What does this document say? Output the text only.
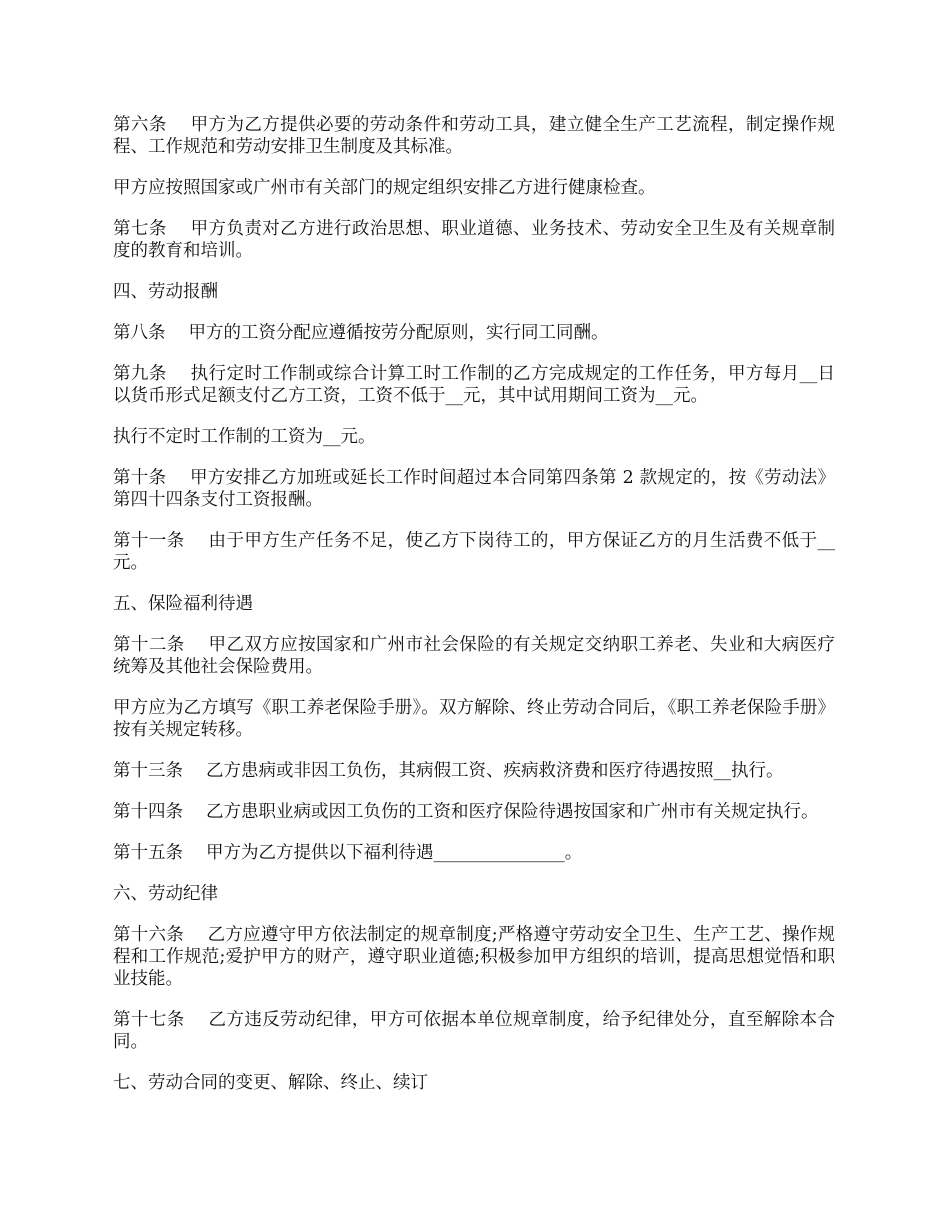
第六条　 甲方为乙方提供必要的劳动条件和劳动工具，建立健全生产工艺流程，制定操作规程、工作规范和劳动安排卫生制度及其标准。

甲方应按照国家或广州市有关部门的规定组织安排乙方进行健康检查。

第七条　 甲方负责对乙方进行政治思想、职业道德、业务技术、劳动安全卫生及有关规章制度的教育和培训。

四、劳动报酬

第八条　 甲方的工资分配应遵循按劳分配原则，实行同工同酬。

第九条　 执行定时工作制或综合计算工时工作制的乙方完成规定的工作任务，甲方每月__日以货币形式足额支付乙方工资，工资不低于__元，其中试用期间工资为__元。

执行不定时工作制的工资为__元。

第十条　 甲方安排乙方加班或延长工作时间超过本合同第四条第 2 款规定的，按《劳动法》第四十四条支付工资报酬。

第十一条　 由于甲方生产任务不足，使乙方下岗待工的，甲方保证乙方的月生活费不低于__元。

五、保险福利待遇

第十二条　 甲乙双方应按国家和广州市社会保险的有关规定交纳职工养老、失业和大病医疗统筹及其他社会保险费用。

甲方应为乙方填写《职工养老保险手册》。双方解除、终止劳动合同后，《职工养老保险手册》按有关规定转移。

第十三条　 乙方患病或非因工负伤，其病假工资、疾病救济费和医疗待遇按照__执行。

第十四条　 乙方患职业病或因工负伤的工资和医疗保险待遇按国家和广州市有关规定执行。

第十五条　 甲方为乙方提供以下福利待遇_______________。

六、劳动纪律

第十六条　 乙方应遵守甲方依法制定的规章制度;严格遵守劳动安全卫生、生产工艺、操作规程和工作规范;爱护甲方的财产，遵守职业道德;积极参加甲方组织的培训，提高思想觉悟和职业技能。

第十七条　 乙方违反劳动纪律，甲方可依据本单位规章制度，给予纪律处分，直至解除本合同。

七、劳动合同的变更、解除、终止、续订
